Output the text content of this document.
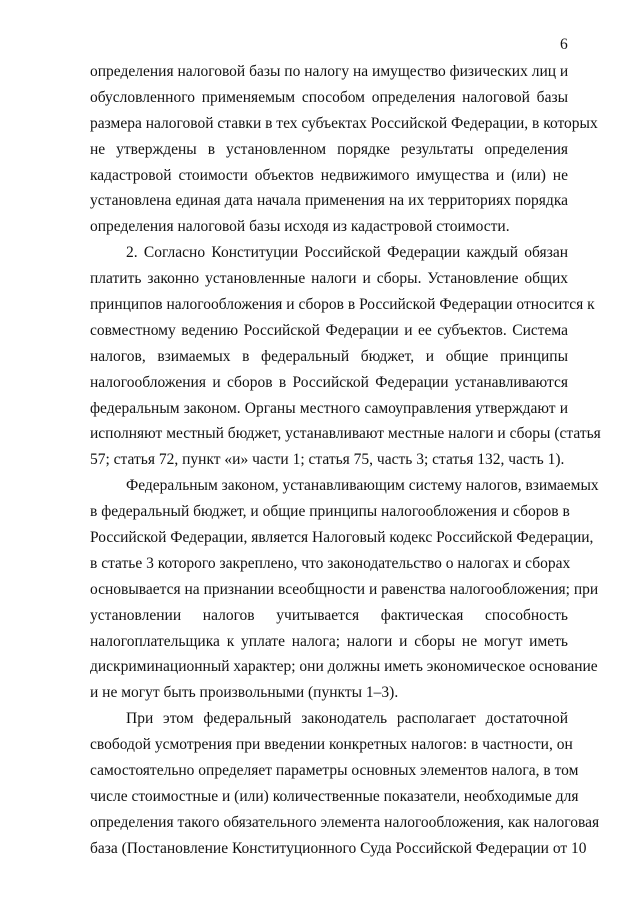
6
определения налоговой базы по налогу на имущество физических лиц и
обусловленного применяемым способом определения налоговой базы
размера налоговой ставки в тех субъектах Российской Федерации, в которых
не утверждены в установленном порядке результаты определения
кадастровой стоимости объектов недвижимого имущества и (или) не
установлена единая дата начала применения на их территориях порядка
определения налоговой базы исходя из кадастровой стоимости.
2. Согласно Конституции Российской Федерации каждый обязан
платить законно установленные налоги и сборы. Установление общих
принципов налогообложения и сборов в Российской Федерации относится к
совместному ведению Российской Федерации и ее субъектов. Система
налогов, взимаемых в федеральный бюджет, и общие принципы
налогообложения и сборов в Российской Федерации устанавливаются
федеральным законом. Органы местного самоуправления утверждают и
исполняют местный бюджет, устанавливают местные налоги и сборы (статья
57; статья 72, пункт «и» части 1; статья 75, часть 3; статья 132, часть 1).
Федеральным законом, устанавливающим систему налогов, взимаемых
в федеральный бюджет, и общие принципы налогообложения и сборов в
Российской Федерации, является Налоговый кодекс Российской Федерации,
в статье 3 которого закреплено, что законодательство о налогах и сборах
основывается на признании всеобщности и равенства налогообложения; при
установлении налогов учитывается фактическая способность
налогоплательщика к уплате налога; налоги и сборы не могут иметь
дискриминационный характер; они должны иметь экономическое основание
и не могут быть произвольными (пункты 1–3).
При этом федеральный законодатель располагает достаточной
свободой усмотрения при введении конкретных налогов: в частности, он
самостоятельно определяет параметры основных элементов налога, в том
числе стоимостные и (или) количественные показатели, необходимые для
определения такого обязательного элемента налогообложения, как налоговая
база (Постановление Конституционного Суда Российской Федерации от 10
